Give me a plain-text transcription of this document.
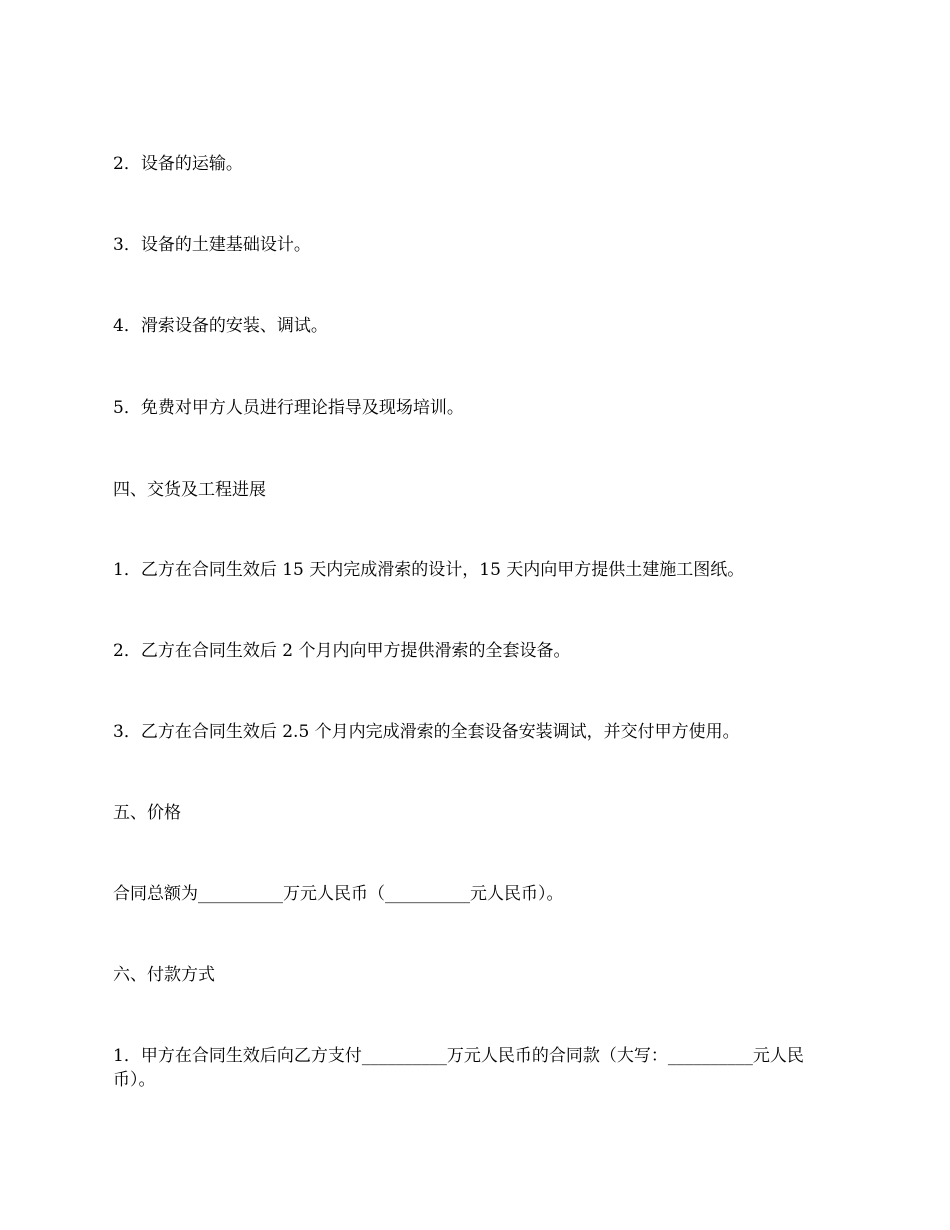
2．设备的运输。

3．设备的土建基础设计。

4．滑索设备的安装、调试。

5．免费对甲方人员进行理论指导及现场培训。

四、交货及工程进展

1．乙方在合同生效后 15 天内完成滑索的设计，15 天内向甲方提供土建施工图纸。

2．乙方在合同生效后 2 个月内向甲方提供滑索的全套设备。

3．乙方在合同生效后 2.5 个月内完成滑索的全套设备安装调试，并交付甲方使用。

五、价格

合同总额为__________万元人民币（__________元人民币）。

六、付款方式

1．甲方在合同生效后向乙方支付__________万元人民币的合同款（大写：__________元人民币）。
